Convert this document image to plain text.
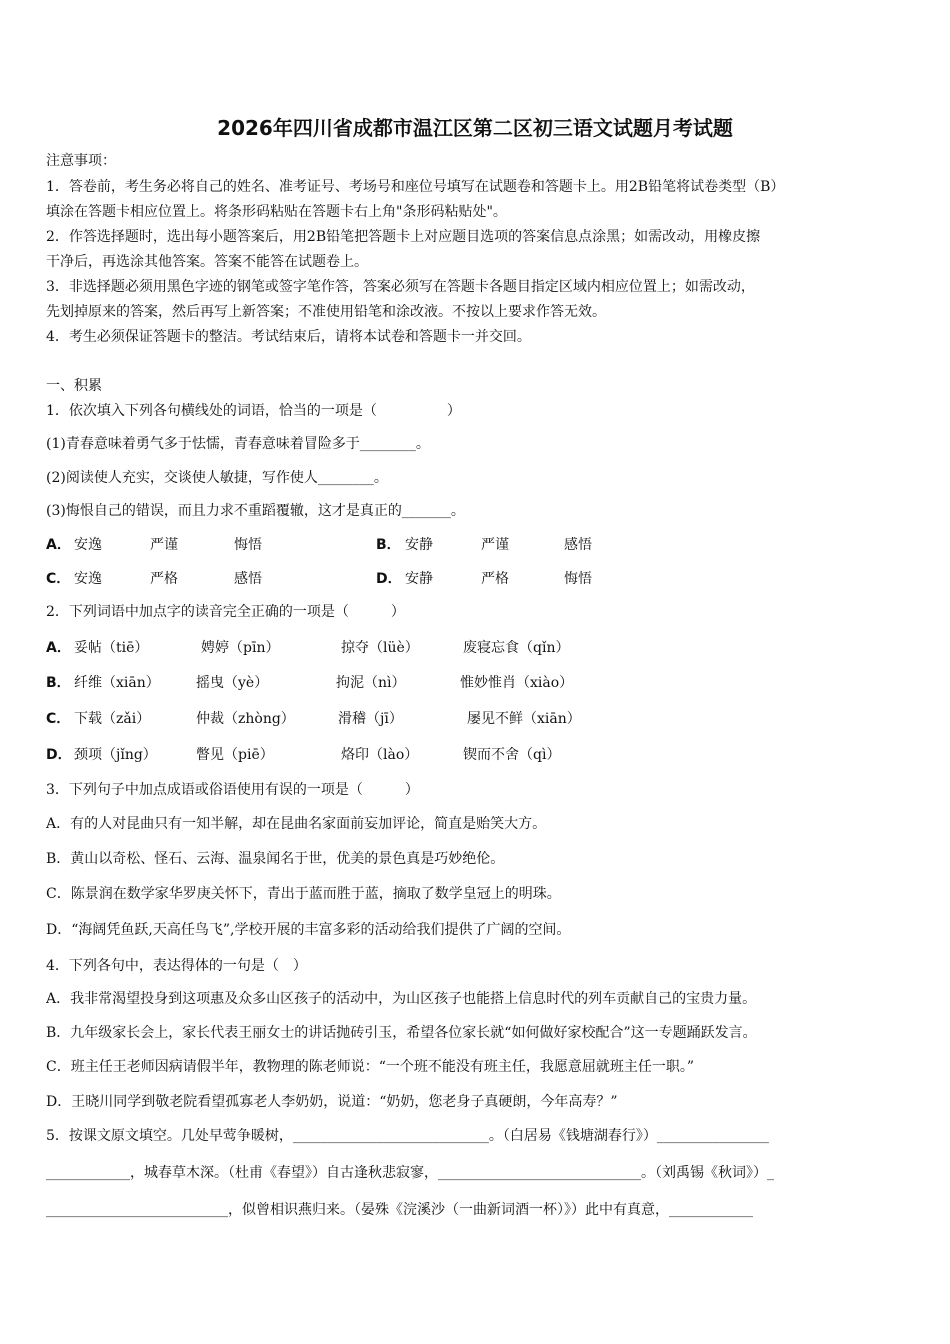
2026年四川省成都市温江区第二区初三语文试题月考试题
注意事项：
1．答卷前，考生务必将自己的姓名、准考证号、考场号和座位号填写在试题卷和答题卡上。用2B铅笔将试卷类型（B）
填涂在答题卡相应位置上。将条形码粘贴在答题卡右上角"条形码粘贴处"。
2．作答选择题时，选出每小题答案后，用2B铅笔把答题卡上对应题目选项的答案信息点涂黑；如需改动，用橡皮擦
干净后，再选涂其他答案。答案不能答在试题卷上。
3．非选择题必须用黑色字迹的钢笔或签字笔作答，答案必须写在答题卡各题目指定区域内相应位置上；如需改动，
先划掉原来的答案，然后再写上新答案；不准使用铅笔和涂改液。不按以上要求作答无效。
4．考生必须保证答题卡的整洁。考试结束后，请将本试卷和答题卡一并交回。
一、积累
1．依次填入下列各句横线处的词语，恰当的一项是（　　　　　）
(1)青春意味着勇气多于怯懦，青春意味着冒险多于________。
(2)阅读使人充实，交谈使人敏捷，写作使人________。
(3)悔恨自己的错误，而且力求不重蹈覆辙，这才是真正的_______。
A． 安逸	严谨	悔悟	B． 安静	严谨	感悟
C． 安逸	严格	感悟	D． 安静	严格	悔悟
2．下列词语中加点字的读音完全正确的一项是（　　　）
A． 妥帖（tiē）	娉婷（pīn）	掠夺（lüè）	废寝忘食（qǐn）
B． 纤维（xiān）	摇曳（yè）	拘泥（nì）	惟妙惟肖（xiào）
C． 下载（zǎi）	仲裁（zhòng）	滑稽（jī）	屡见不鲜（xiān）
D． 颈项（jǐng）	瞥见（piē）	烙印（lào）	锲而不舍（qì）
3．下列句子中加点成语或俗语使用有误的一项是（　　　）
A．有的人对昆曲只有一知半解，却在昆曲名家面前妄加评论，简直是贻笑大方。
B．黄山以奇松、怪石、云海、温泉闻名于世，优美的景色真是巧妙绝伦。
C．陈景润在数学家华罗庚关怀下，青出于蓝而胜于蓝，摘取了数学皇冠上的明珠。
D．“海阔凭鱼跃,天高任鸟飞”,学校开展的丰富多彩的活动给我们提供了广阔的空间。
4．下列各句中，表达得体的一句是（　）
A．我非常渴望投身到这项惠及众多山区孩子的活动中，为山区孩子也能搭上信息时代的列车贡献自己的宝贵力量。
B．九年级家长会上，家长代表王丽女士的讲话抛砖引玉，希望各位家长就“如何做好家校配合”这一专题踊跃发言。
C．班主任王老师因病请假半年，教物理的陈老师说：“一个班不能没有班主任，我愿意屈就班主任一职。”
D．王晓川同学到敬老院看望孤寡老人李奶奶，说道：“奶奶，您老身子真硬朗，今年高寿？”
5．按课文原文填空。几处早莺争暖树，____________________________。（白居易《钱塘湖春行》）________________
____________，城春草木深。（杜甫《春望》）自古逢秋悲寂寥，_____________________________。（刘禹锡《秋词》）_
__________________________，似曾相识燕归来。（晏殊《浣溪沙（一曲新词酒一杯）》）此中有真意，____________
